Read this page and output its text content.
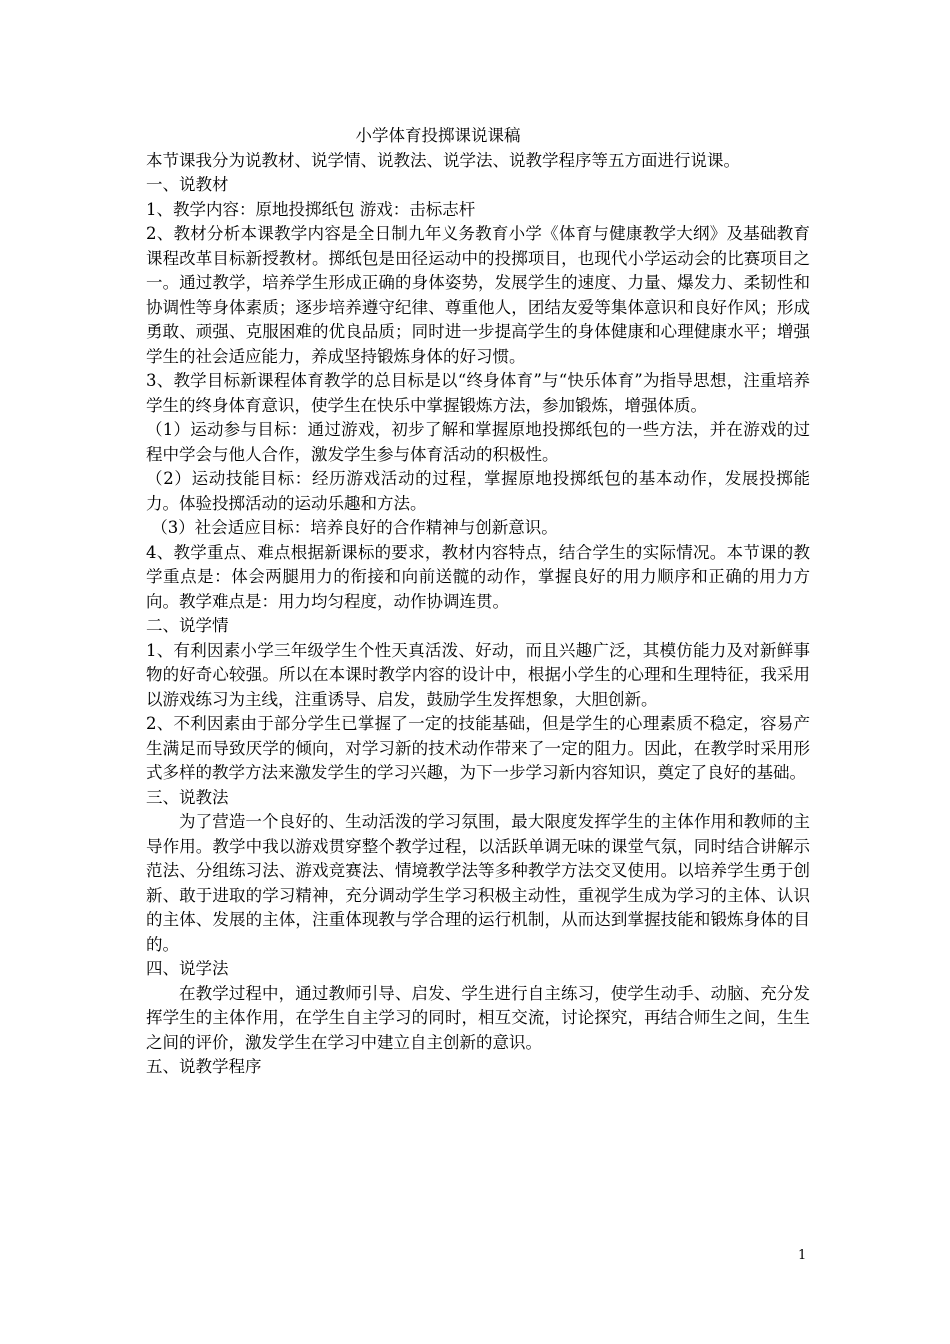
小学体育投掷课说课稿

本节课我分为说教材、说学情、说教法、说学法、说教学程序等五方面进行说课。

一、说教材

1、教学内容：原地投掷纸包 游戏：击标志杆

2、教材分析本课教学内容是全日制九年义务教育小学《体育与健康教学大纲》及基础教育课程改革目标新授教材。掷纸包是田径运动中的投掷项目，也现代小学运动会的比赛项目之一。通过教学，培养学生形成正确的身体姿势，发展学生的速度、力量、爆发力、柔韧性和协调性等身体素质；逐步培养遵守纪律、尊重他人，团结友爱等集体意识和良好作风；形成勇敢、顽强、克服困难的优良品质；同时进一步提高学生的身体健康和心理健康水平；增强学生的社会适应能力，养成坚持锻炼身体的好习惯。

3、教学目标新课程体育教学的总目标是以“终身体育”与“快乐体育”为指导思想，注重培养学生的终身体育意识，使学生在快乐中掌握锻炼方法，参加锻炼，增强体质。

（1）运动参与目标：通过游戏，初步了解和掌握原地投掷纸包的一些方法，并在游戏的过程中学会与他人合作，激发学生参与体育活动的积极性。

（2）运动技能目标：经历游戏活动的过程，掌握原地投掷纸包的基本动作，发展投掷能力。体验投掷活动的运动乐趣和方法。

（3）社会适应目标：培养良好的合作精神与创新意识。

4、教学重点、难点根据新课标的要求，教材内容特点，结合学生的实际情况。本节课的教学重点是：体会两腿用力的衔接和向前送髋的动作，掌握良好的用力顺序和正确的用力方向。教学难点是：用力均匀程度，动作协调连贯。

二、说学情

1、有利因素小学三年级学生个性天真活泼、好动，而且兴趣广泛，其模仿能力及对新鲜事物的好奇心较强。所以在本课时教学内容的设计中，根据小学生的心理和生理特征，我采用以游戏练习为主线，注重诱导、启发，鼓励学生发挥想象，大胆创新。

2、不利因素由于部分学生已掌握了一定的技能基础，但是学生的心理素质不稳定，容易产生满足而导致厌学的倾向，对学习新的技术动作带来了一定的阻力。因此，在教学时采用形式多样的教学方法来激发学生的学习兴趣，为下一步学习新内容知识，奠定了良好的基础。

三、说教法

为了营造一个良好的、生动活泼的学习氛围，最大限度发挥学生的主体作用和教师的主导作用。教学中我以游戏贯穿整个教学过程，以活跃单调无味的课堂气氛，同时结合讲解示范法、分组练习法、游戏竞赛法、情境教学法等多种教学方法交叉使用。以培养学生勇于创新、敢于进取的学习精神，充分调动学生学习积极主动性，重视学生成为学习的主体、认识的主体、发展的主体，注重体现教与学合理的运行机制，从而达到掌握技能和锻炼身体的目的。

四、说学法

在教学过程中，通过教师引导、启发、学生进行自主练习，使学生动手、动脑、充分发挥学生的主体作用，在学生自主学习的同时，相互交流，讨论探究，再结合师生之间，生生之间的评价，激发学生在学习中建立自主创新的意识。

五、说教学程序

1
